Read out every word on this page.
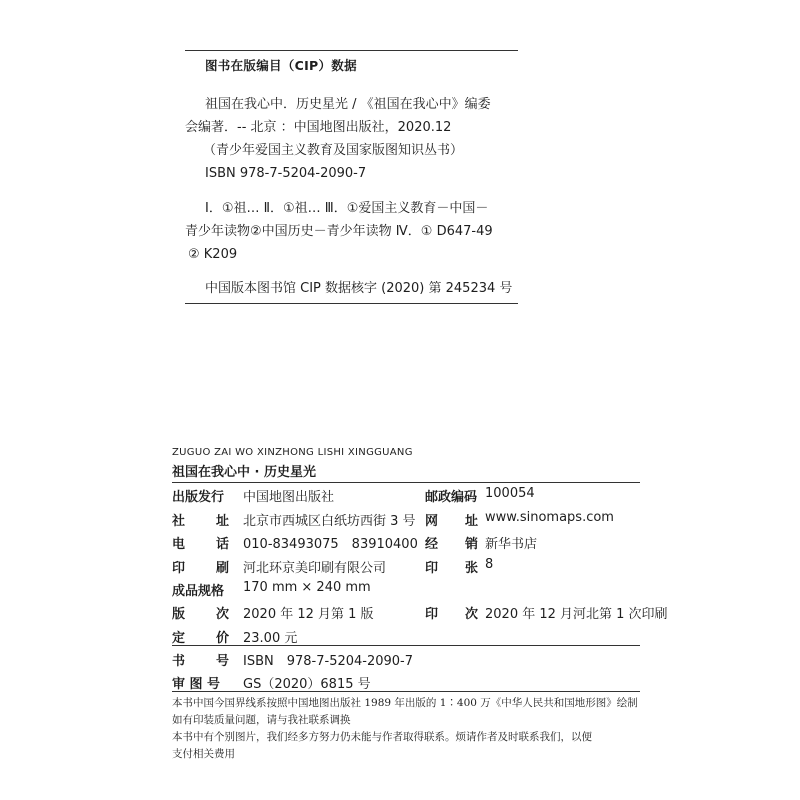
图书在版编目（CIP）数据
祖国在我心中．历史星光 / 《祖国在我心中》编委
会编著．-- 北京 ：中国地图出版社，2020.12
（青少年爱国主义教育及国家版图知识丛书）
ISBN 978-7-5204-2090-7
Ⅰ．①祖… Ⅱ．①祖… Ⅲ．①爱国主义教育－中国－
青少年读物②中国历史－青少年读物 Ⅳ．① D647-49
② K209
中国版本图书馆 CIP 数据核字 (2020) 第 245234 号
ZUGUO ZAI WO XINZHONG LISHI XINGGUANG
祖国在我心中 · 历史星光
出版发行 中国地图出版社	邮政编码 100054
社 址 北京市西城区白纸坊西街 3 号 网 址 www.sinomaps.com
电 话 010-83493075　83910400 经 销 新华书店
印 刷 河北环京美印刷有限公司	印 张 8
成品规格 170 mm × 240 mm
版 次 2020 年 12 月第 1 版	印 次 2020 年 12 月河北第 1 次印刷
定 价 23.00 元
书 号 ISBN　978-7-5204-2090-7
审 图 号 GS（2020）6815 号
本书中国今国界线系按照中国地图出版社 1989 年出版的 1∶400 万《中华人民共和国地形图》绘制
如有印装质量问题，请与我社联系调换
本书中有个别图片，我们经多方努力仍未能与作者取得联系。烦请作者及时联系我们，以便
支付相关费用
